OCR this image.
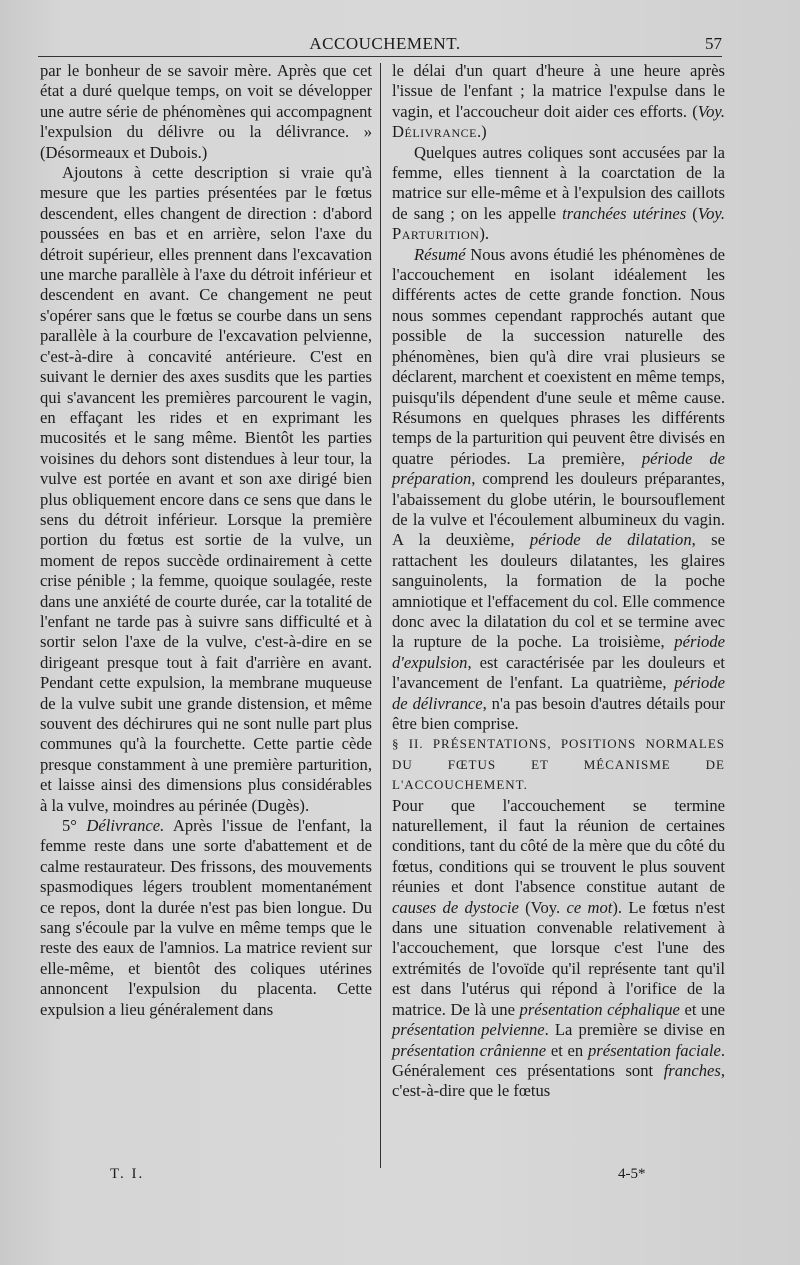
ACCOUCHEMENT.	57

par le bonheur de se savoir mère. Après que cet état a duré quelque temps, on voit se développer une autre série de phénomènes qui accompagnent l'expulsion du délivre ou la délivrance. » (Désormeaux et Dubois.)

Ajoutons à cette description si vraie qu'à mesure que les parties présentées par le fœtus descendent, elles changent de direction : d'abord poussées en bas et en arrière, selon l'axe du détroit supérieur, elles prennent dans l'excavation une marche parallèle à l'axe du détroit inférieur et descendent en avant. Ce changement ne peut s'opérer sans que le fœtus se courbe dans un sens parallèle à la courbure de l'excavation pelvienne, c'est-à-dire à concavité antérieure. C'est en suivant le dernier des axes susdits que les parties qui s'avancent les premières parcourent le vagin, en effaçant les rides et en exprimant les mucosités et le sang même. Bientôt les parties voisines du dehors sont distendues à leur tour, la vulve est portée en avant et son axe dirigé bien plus obliquement encore dans ce sens que dans le sens du détroit inférieur. Lorsque la première portion du fœtus est sortie de la vulve, un moment de repos succède ordinairement à cette crise pénible ; la femme, quoique soulagée, reste dans une anxiété de courte durée, car la totalité de l'enfant ne tarde pas à suivre sans difficulté et à sortir selon l'axe de la vulve, c'est-à-dire en se dirigeant presque tout à fait d'arrière en avant. Pendant cette expulsion, la membrane muqueuse de la vulve subit une grande distension, et même souvent des déchirures qui ne sont nulle part plus communes qu'à la fourchette. Cette partie cède presque constamment à une première parturition, et laisse ainsi des dimensions plus considérables à la vulve, moindres au périnée (Dugès).

5° Délivrance. Après l'issue de l'enfant, la femme reste dans une sorte d'abattement et de calme restaurateur. Des frissons, des mouvements spasmodiques légers troublent momentanément ce repos, dont la durée n'est pas bien longue. Du sang s'écoule par la vulve en même temps que le reste des eaux de l'amnios. La matrice revient sur elle-même, et bientôt des coliques utérines annoncent l'expulsion du placenta. Cette expulsion a lieu généralement dans

le délai d'un quart d'heure à une heure après l'issue de l'enfant ; la matrice l'expulse dans le vagin, et l'accoucheur doit aider ces efforts. (Voy. Délivrance.)

Quelques autres coliques sont accusées par la femme, elles tiennent à la coarctation de la matrice sur elle-même et à l'expulsion des caillots de sang ; on les appelle tranchées utérines (Voy. Parturition).

Résumé Nous avons étudié les phénomènes de l'accouchement en isolant idéalement les différents actes de cette grande fonction. Nous nous sommes cependant rapprochés autant que possible de la succession naturelle des phénomènes, bien qu'à dire vrai plusieurs se déclarent, marchent et coexistent en même temps, puisqu'ils dépendent d'une seule et même cause. Résumons en quelques phrases les différents temps de la parturition qui peuvent être divisés en quatre périodes. La première, période de préparation, comprend les douleurs préparantes, l'abaissement du globe utérin, le boursouflement de la vulve et l'écoulement albumineux du vagin. A la deuxième, période de dilatation, se rattachent les douleurs dilatantes, les glaires sanguinolents, la formation de la poche amniotique et l'effacement du col. Elle commence donc avec la dilatation du col et se termine avec la rupture de la poche. La troisième, période d'expulsion, est caractérisée par les douleurs et l'avancement de l'enfant. La quatrième, période de délivrance, n'a pas besoin d'autres détails pour être bien comprise.

§ II. PRÉSENTATIONS, POSITIONS NORMALES DU FŒTUS ET MÉCANISME DE L'ACCOUCHEMENT.

Pour que l'accouchement se termine naturellement, il faut la réunion de certaines conditions, tant du côté de la mère que du côté du fœtus, conditions qui se trouvent le plus souvent réunies et dont l'absence constitue autant de causes de dystocie (Voy. ce mot). Le fœtus n'est dans une situation convenable relativement à l'accouchement, que lorsque c'est l'une des extrémités de l'ovoïde qu'il représente tant qu'il est dans l'utérus qui répond à l'orifice de la matrice. De là une présentation céphalique et une présentation pelvienne. La première se divise en présentation crânienne et en présentation faciale. Généralement ces présentations sont franches, c'est-à-dire que le fœtus

T. I.	4-5*
